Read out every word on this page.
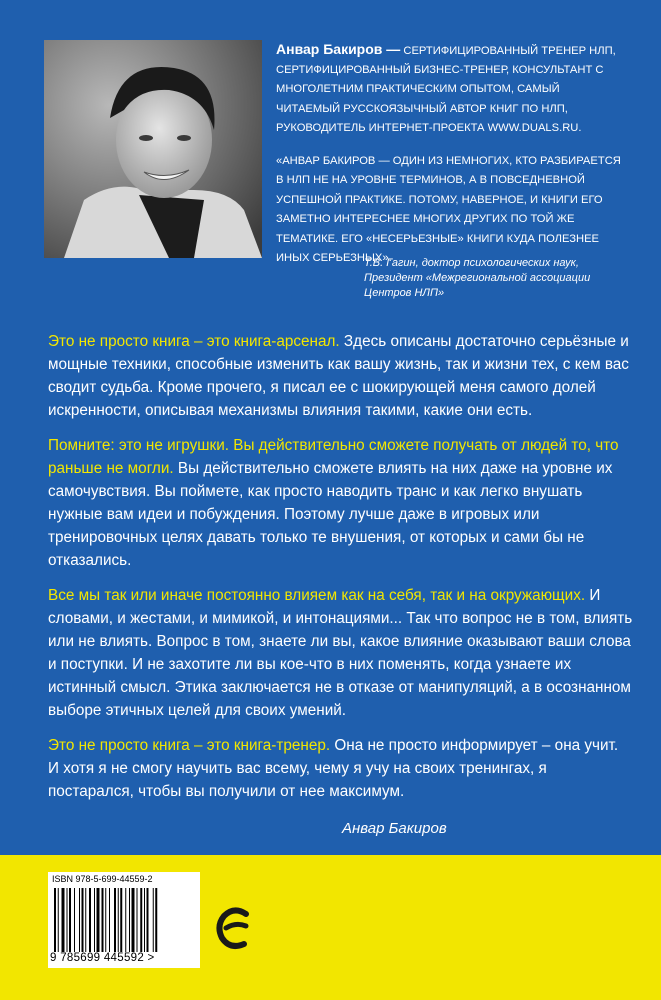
Анвар Бакиров — СЕРТИФИЦИРОВАННЫЙ ТРЕНЕР НЛП, СЕРТИФИЦИРОВАННЫЙ БИЗНЕС-ТРЕНЕР, КОНСУЛЬТАНТ С МНОГОЛЕТНИМ ПРАКТИЧЕСКИМ ОПЫТОМ, САМЫЙ ЧИТАЕМЫЙ РУССКОЯЗЫЧНЫЙ АВТОР КНИГ ПО НЛП, РУКОВОДИТЕЛЬ ИНТЕРНЕТ-ПРОЕКТА WWW.DUALS.RU.
«АНВАР БАКИРОВ — ОДИН ИЗ НЕМНОГИХ, КТО РАЗБИРАЕТСЯ В НЛП НЕ НА УРОВНЕ ТЕРМИНОВ, А В ПОВСЕДНЕВНОЙ УСПЕШНОЙ ПРАКТИКЕ. ПОТОМУ, НАВЕРНОЕ, И КНИГИ ЕГО ЗАМЕТНО ИНТЕРЕСНЕЕ МНОГИХ ДРУГИХ ПО ТОЙ ЖЕ ТЕМАТИКЕ. ЕГО «НЕСЕРЬЕЗНЫЕ» КНИГИ КУДА ПОЛЕЗНЕЕ ИНЫХ СЕРЬЕЗНЫХ».
Т.В. Гагин, доктор психологических наук,
Президент «Межрегиональной ассоциации Центров НЛП»

Это не просто книга – это книга-арсенал. Здесь описаны достаточно серьёзные и мощные техники, способные изменить как вашу жизнь, так и жизни тех, с кем вас сводит судьба. Кроме прочего, я писал ее с шокирующей меня самого долей искренности, описывая механизмы влияния такими, какие они есть.

Помните: это не игрушки. Вы действительно сможете получать от людей то, что раньше не могли. Вы действительно сможете влиять на них даже на уровне их самочувствия. Вы поймете, как просто наводить транс и как легко внушать нужные вам идеи и побуждения. Поэтому лучше даже в игровых или тренировочных целях давать только те внушения, от которых и сами бы не отказались.

Все мы так или иначе постоянно влияем как на себя, так и на окружающих. И словами, и жестами, и мимикой, и интонациями... Так что вопрос не в том, влиять или не влиять. Вопрос в том, знаете ли вы, какое влияние оказывают ваши слова и поступки. И не захотите ли вы кое-что в них поменять, когда узнаете их истинный смысл. Этика заключается не в отказе от манипуляций, а в осознанном выборе этичных целей для своих умений.

Это не просто книга – это книга-тренер. Она не просто информирует – она учит. И хотя я не смогу научить вас всему, чему я учу на своих тренингах, я постарался, чтобы вы получили от нее максимум.

Анвар Бакиров
ISBN 978-5-699-44559-2
9 785699 445592 >
